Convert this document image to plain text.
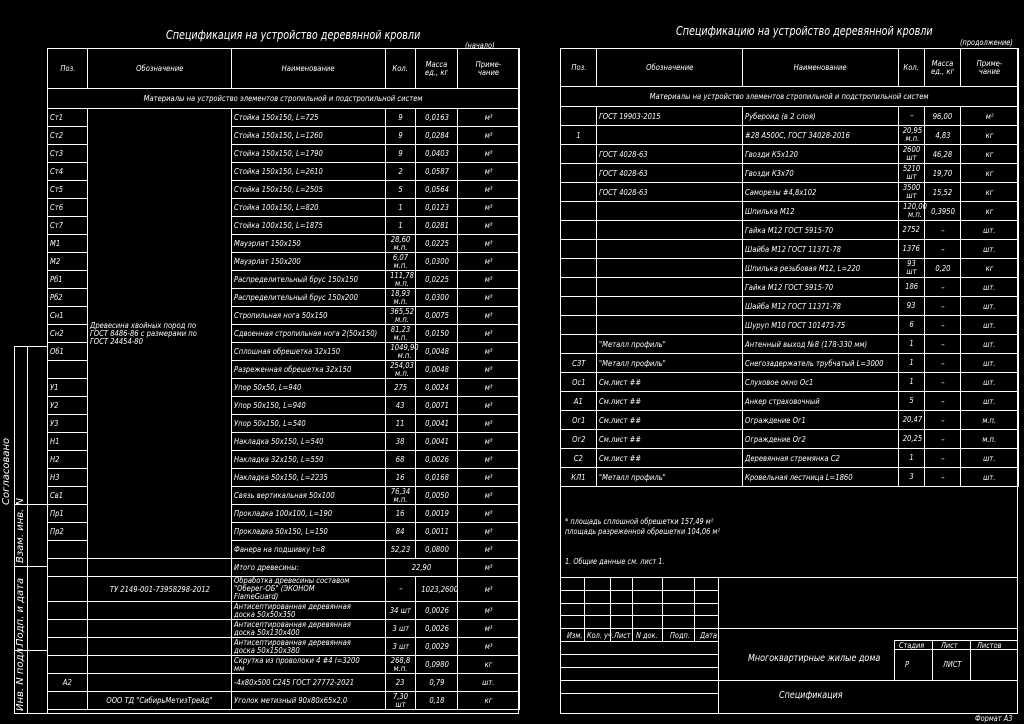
Согласовано
Взам. инв. N
Подп. и дата
Инв. N подл.
Спецификация на устройство деревянной кровли
(начало)
Поз.	Обозначение	Наименование	Кол.	Масса ед., кг	Приме- чание
Материалы на устройство элементов стропильной и подстропильной систем					
Ст1	Древесина хвойных пород по ГОСТ 8486-86 с размерами по ГОСТ 24454-80	Стойка 150х150, L=725	9	0,0163	м³
Ст2		Стойка 150х150, L=1260	9	0,0284	м³
Ст3		Стойка 150х150, L=1790	9	0,0403	м³
Ст4		Стойка 150х150, L=2610	2	0,0587	м³
Ст5		Стойка 150х150, L=2505	5	0,0564	м³
Ст6		Стойка 100х150, L=820	1	0,0123	м³
Ст7		Стойка 100х150, L=1875	1	0,0281	м³
М1		Мауэрлат 150х150	28,60 м.п.	0,0225	м³
М2		Мауэрлат 150х200	6,07 м.п.	0,0300	м³
Рб1		Распределительный брус 150х150	111,78 м.п.	0,0225	м³
Рб2		Распределительный брус 150х200	18,93 м.п.	0,0300	м³
Сн1		Стропильная нога 50х150	365,52 м.п.	0,0075	м³
Сн2		Сдвоенная стропильная нога 2(50х150)	81,23 м.п.	0,0150	м³
Об1		Сплошная обрешетка 32х150	1049,90 м.п.	0,0048	м³
		Разреженная обрешетка 32х150	254,03 м.п.	0,0048	м³
У1		Упор 50х50, L=940	275	0,0024	м³
У2		Упор 50х150, L=940	43	0,0071	м³
У3		Упор 50х150, L=540	11	0,0041	м³
Н1		Накладка 50х150, L=540	38	0,0041	м³
Н2		Накладка 32х150, L=550	68	0,0026	м³
Н3		Накладка 50х150, L=2235	16	0,0168	м³
Св1		Связь вертикальная 50х100	76,34 м.п.	0,0050	м³
Пр1		Прокладка 100х100, L=190	16	0,0019	м³
Пр2		Прокладка 50х150, L=150	84	0,0011	м³
		Фанера на подшивку t=8	52,23	0,0800	м³
		Итого древесины:	22,90		м³
	ТУ 2149-001-73958298-2012	Обработка древесины составом "Оберег-ОБ" (ЭКОНОМ FlameGuard)	–	1023,2600	м³
		Антисептированная деревянная доска 50х50х350	34 шт	0,0026	м³
		Антисептированная деревянная доска 50х130х400	3 шт	0,0026	м³
		Антисептированная деревянная доска 50х150х380	3 шт	0,0029	м³
		Скрутка из проволоки 4 #4 l=3200 мм	268,8 м.п.	0,0980	кг
А2		-4х80х500 С245 ГОСТ 27772-2021	23	0,79	шт.
	ООО ТД "СибирьМетизТрейд"	Уголок метизный 90х80х65х2,0	7,30 шт	0,18	кг
Спецификацию на устройство деревянной кровли
(продолжение)
Поз.	Обозначение	Наименование	Кол.	Масса ед., кг	Приме- чание
Материалы на устройство элементов стропильной и подстропильной систем					
	ГОСТ 19903-2015	Рубероид (в 2 слоя)	–	96,00	м²
1		#28 А500С, ГОСТ 34028-2016	20,95 м.п.	4,83	кг
	ГОСТ 4028-63	Гвозди К5х120	2600 шт	46,28	кг
	ГОСТ 4028-63	Гвозди К3х70	5210 шт	19,70	кг
	ГОСТ 4028-63	Саморезы #4,8х102	3500 шт	15,52	кг
		Шпилька М12	120,00 м.п.	0,3950	кг
		Гайка М12 ГОСТ 5915-70	2752	–	шт.
		Шайба М12 ГОСТ 11371-78	1376	–	шт.
		Шпилька резьбовая М12, L=220	93 шт	0,20	кг
		Гайка М12 ГОСТ 5915-70	186	–	шт.
		Шайба М12 ГОСТ 11371-78	93	–	шт.
		Шуруп М10 ГОСТ 101473-75	6	–	шт.
	"Металл профиль"	Антенный выход №8 (178-330 мм)	1	–	шт.
СЗТ	"Металл профиль"	Снегозадержатель трубчатый L=3000	1	–	шт.
Ос1	См.лист ##	Слуховое окно Ос1	1	–	шт.
А1	См.лист ##	Анкер страховочный	5	–	шт.
Ог1	См.лист ##	Ограждение Ог1	20,47	–	м.п.
Ог2	См.лист ##	Ограждение Ог2	20,25	–	м.п.
С2	См.лист ##	Деревянная стремянка С2	1	–	шт.
КЛ1	"Металл профиль"	Кровельная лестница L=1860	3	–	шт.
* площадь сплошной обрешетки 157,49 м²
площадь разреженной обрешетки 104,06 м²
1. Общие данные см. лист 1.
Изм. Кол. уч. Лист N док. Подп. Дата
Многоквартирные жилые дома
Спецификация
Стадия Лист Листов
Р	ЛИСТ
Формат А3
